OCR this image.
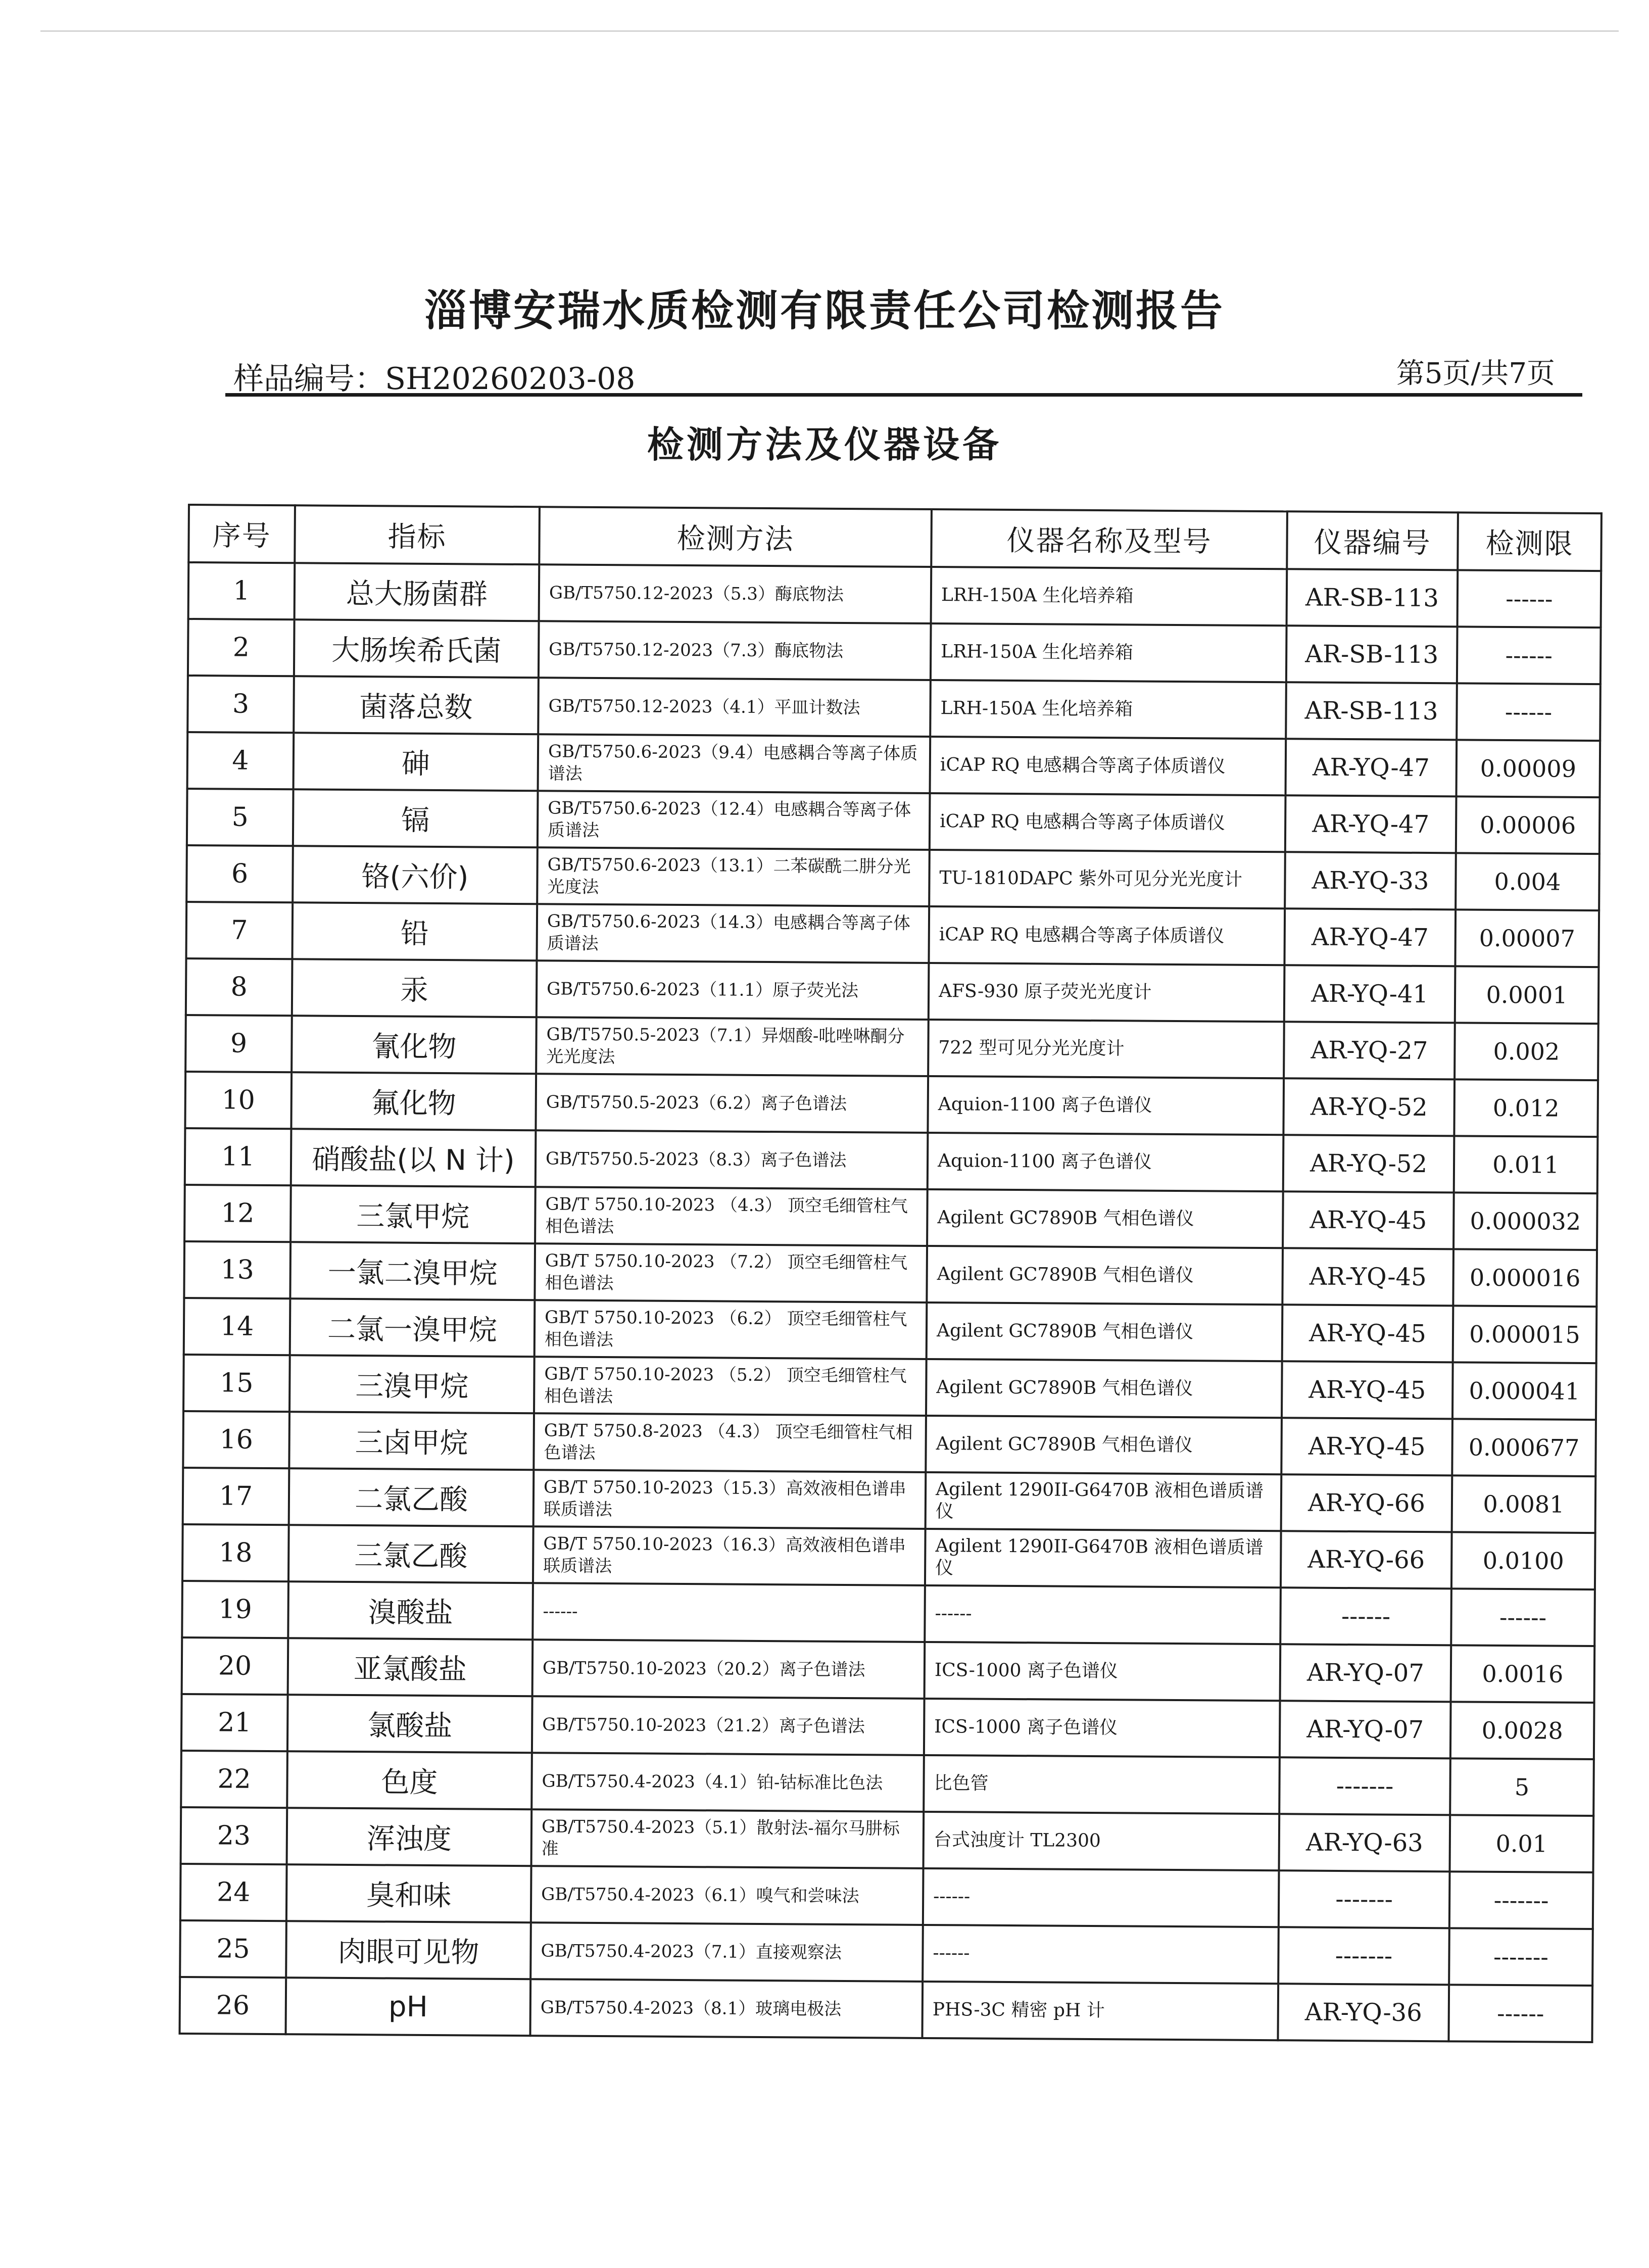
淄博安瑞水质检测有限责任公司检测报告
样品编号：SH20260203-08	第5页/共7页
检测方法及仪器设备
序号	指标	检测方法	仪器名称及型号	仪器编号	检测限
1	总大肠菌群	GB/T5750.12-2023（5.3）酶底物法	LRH-150A 生化培养箱	AR-SB-113	------
2	大肠埃希氏菌	GB/T5750.12-2023（7.3）酶底物法	LRH-150A 生化培养箱	AR-SB-113	------
3	菌落总数	GB/T5750.12-2023（4.1）平皿计数法	LRH-150A 生化培养箱	AR-SB-113	------
4	砷	GB/T5750.6-2023（9.4）电感耦合等离子体质谱法	iCAP RQ 电感耦合等离子体质谱仪	AR-YQ-47	0.00009
5	镉	GB/T5750.6-2023（12.4）电感耦合等离子体质谱法	iCAP RQ 电感耦合等离子体质谱仪	AR-YQ-47	0.00006
6	铬(六价)	GB/T5750.6-2023（13.1）二苯碳酰二肼分光光度法	TU-1810DAPC 紫外可见分光光度计	AR-YQ-33	0.004
7	铅	GB/T5750.6-2023（14.3）电感耦合等离子体质谱法	iCAP RQ 电感耦合等离子体质谱仪	AR-YQ-47	0.00007
8	汞	GB/T5750.6-2023（11.1）原子荧光法	AFS-930 原子荧光光度计	AR-YQ-41	0.0001
9	氰化物	GB/T5750.5-2023（7.1）异烟酸-吡唑啉酮分光光度法	722 型可见分光光度计	AR-YQ-27	0.002
10	氟化物	GB/T5750.5-2023（6.2）离子色谱法	Aquion-1100 离子色谱仪	AR-YQ-52	0.012
11	硝酸盐(以 N 计)	GB/T5750.5-2023（8.3）离子色谱法	Aquion-1100 离子色谱仪	AR-YQ-52	0.011
12	三氯甲烷	GB/T 5750.10-2023 （4.3） 顶空毛细管柱气相色谱法	Agilent GC7890B 气相色谱仪	AR-YQ-45	0.000032
13	一氯二溴甲烷	GB/T 5750.10-2023 （7.2） 顶空毛细管柱气相色谱法	Agilent GC7890B 气相色谱仪	AR-YQ-45	0.000016
14	二氯一溴甲烷	GB/T 5750.10-2023 （6.2） 顶空毛细管柱气相色谱法	Agilent GC7890B 气相色谱仪	AR-YQ-45	0.000015
15	三溴甲烷	GB/T 5750.10-2023 （5.2） 顶空毛细管柱气相色谱法	Agilent GC7890B 气相色谱仪	AR-YQ-45	0.000041
16	三卤甲烷	GB/T 5750.8-2023 （4.3） 顶空毛细管柱气相色谱法	Agilent GC7890B 气相色谱仪	AR-YQ-45	0.000677
17	二氯乙酸	GB/T 5750.10-2023（15.3）高效液相色谱串联质谱法	Agilent 1290II-G6470B 液相色谱质谱仪	AR-YQ-66	0.0081
18	三氯乙酸	GB/T 5750.10-2023（16.3）高效液相色谱串联质谱法	Agilent 1290II-G6470B 液相色谱质谱仪	AR-YQ-66	0.0100
19	溴酸盐	------	------	------	------
20	亚氯酸盐	GB/T5750.10-2023（20.2）离子色谱法	ICS-1000 离子色谱仪	AR-YQ-07	0.0016
21	氯酸盐	GB/T5750.10-2023（21.2）离子色谱法	ICS-1000 离子色谱仪	AR-YQ-07	0.0028
22	色度	GB/T5750.4-2023（4.1）铂-钴标准比色法	比色管	-------	5
23	浑浊度	GB/T5750.4-2023（5.1）散射法-福尔马肼标准	台式浊度计 TL2300	AR-YQ-63	0.01
24	臭和味	GB/T5750.4-2023（6.1）嗅气和尝味法	------	-------	-------
25	肉眼可见物	GB/T5750.4-2023（7.1）直接观察法	------	-------	-------
26	pH	GB/T5750.4-2023（8.1）玻璃电极法	PHS-3C 精密 pH 计	AR-YQ-36	------
